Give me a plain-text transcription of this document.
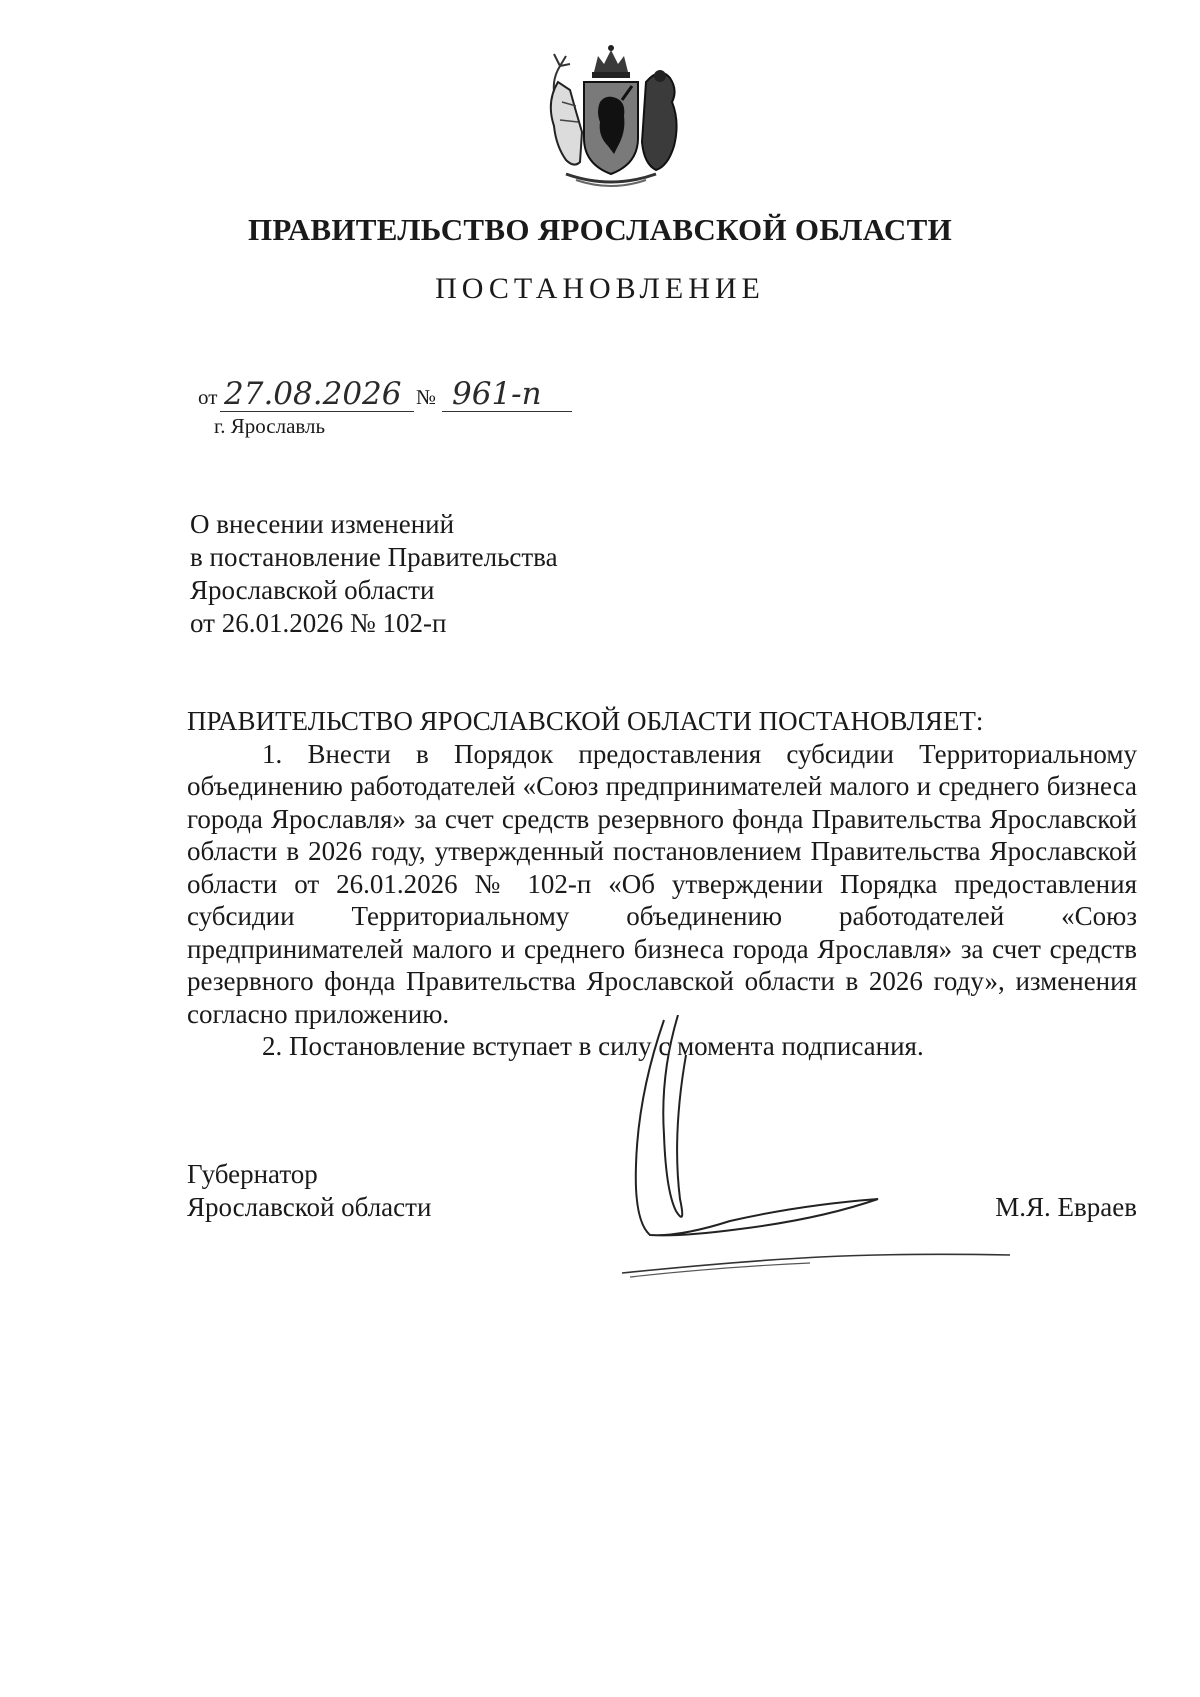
ПРАВИТЕЛЬСТВО ЯРОСЛАВСКОЙ ОБЛАСТИ
ПОСТАНОВЛЕНИЕ
от 27.08.2026 № 961-п
г. Ярославль
О внесении изменений
в постановление Правительства
Ярославской области
от 26.01.2026 № 102-п
ПРАВИТЕЛЬСТВО ЯРОСЛАВСКОЙ ОБЛАСТИ ПОСТАНОВЛЯЕТ:
1. Внести в Порядок предоставления субсидии Территориальному объединению работодателей «Союз предпринимателей малого и среднего бизнеса города Ярославля» за счет средств резервного фонда Правительства Ярославской области в 2026 году, утвержденный постановлением Правительства Ярославской области от 26.01.2026 № 102-п «Об утверждении Порядка предоставления субсидии Территориальному объединению работодателей «Союз предпринимателей малого и среднего бизнеса города Ярославля» за счет средств резервного фонда Правительства Ярославской области в 2026 году», изменения согласно приложению.
2. Постановление вступает в силу с момента подписания.
Губернатор
Ярославской области	М.Я. Евраев
